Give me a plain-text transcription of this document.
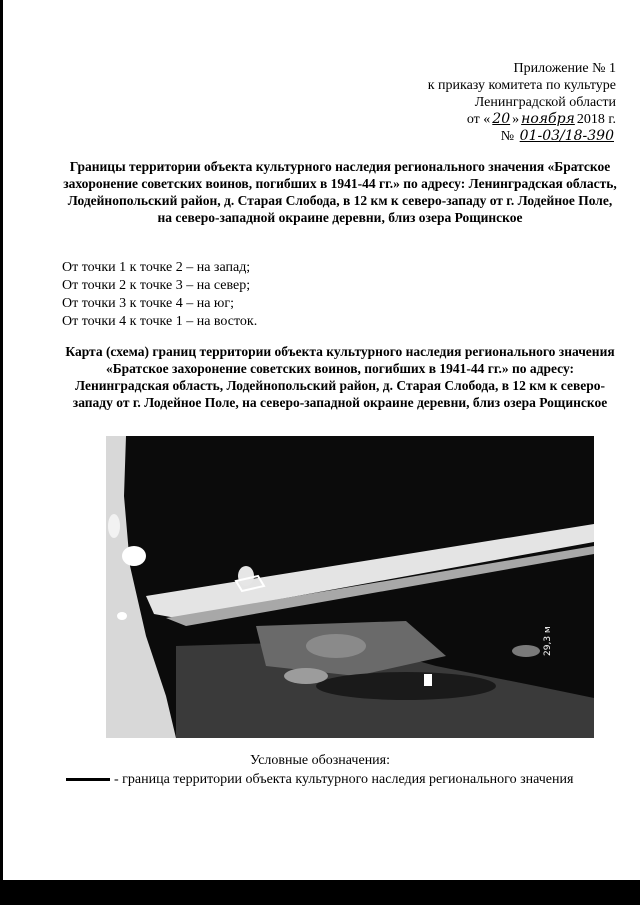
Приложение № 1
к приказу комитета по культуре
Ленинградской области
от « 20 » ноября 2018 г.
№ 01-03/18-390
Границы территории объекта культурного наследия регионального значения «Братское захоронение советских воинов, погибших в 1941-44 гг.» по адресу: Ленинградская область, Лодейнопольский район, д. Старая Слобода, в 12 км к северо-западу от г. Лодейное Поле, на северо-западной окраине деревни, близ озера Рощинское
От точки 1 к точке 2 – на запад;
От точки 2 к точке 3 – на север;
От точки 3 к точке 4 – на юг;
От точки 4 к точке 1 – на восток.
Карта (схема) границ территории объекта культурного наследия регионального значения «Братское захоронение советских воинов, погибших в 1941-44 гг.» по адресу: Ленинградская область, Лодейнопольский район, д. Старая Слобода, в 12 км к северо-западу от г. Лодейное Поле, на северо-западной окраине деревни, близ озера Рощинское
29,3 м
Условные обозначения:
- граница территории объекта культурного наследия регионального значения
